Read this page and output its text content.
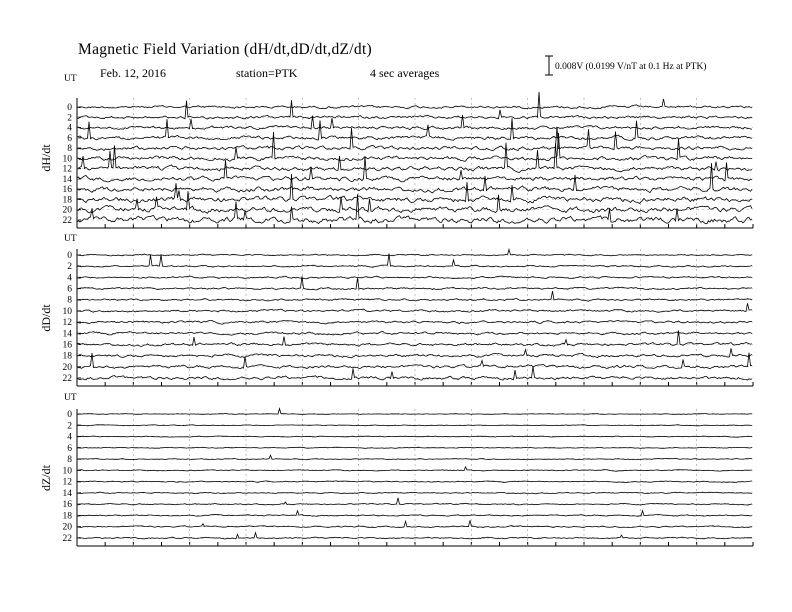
Magnetic Field Variation (dH/dt,dD/dt,dZ/dt)
Feb. 12, 2016	station=PTK	4 sec averages	0.008V (0.0199 V/nT at 0.1 Hz at PTK)
UT
dH/dt
0
2
4
6
8
10
12
14
16
18
20
22
UT
dD/dt
0
2
4
6
8
10
12
14
16
18
20
22
UT
dZ/dt
0
2
4
6
8
10
12
14
16
18
20
22
